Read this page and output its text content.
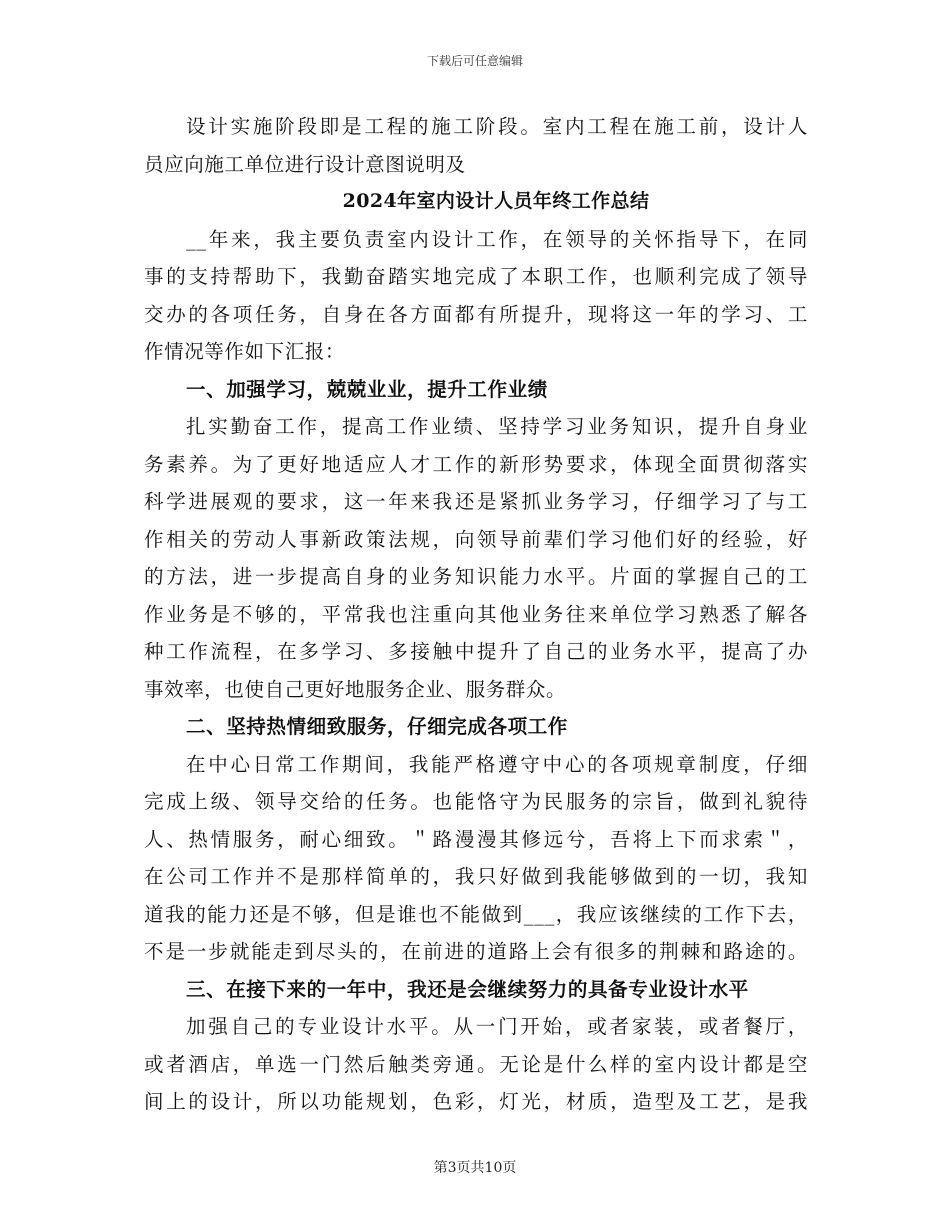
下载后可任意编辑
设计实施阶段即是工程的施工阶段。室内工程在施工前，设计人
员应向施工单位进行设计意图说明及
2024年室内设计人员年终工作总结
__年来，我主要负责室内设计工作，在领导的关怀指导下，在同
事的支持帮助下，我勤奋踏实地完成了本职工作，也顺利完成了领导
交办的各项任务，自身在各方面都有所提升，现将这一年的学习、工
作情况等作如下汇报：
一、加强学习，兢兢业业，提升工作业绩
扎实勤奋工作，提高工作业绩、坚持学习业务知识，提升自身业
务素养。为了更好地适应人才工作的新形势要求，体现全面贯彻落实
科学进展观的要求，这一年来我还是紧抓业务学习，仔细学习了与工
作相关的劳动人事新政策法规，向领导前辈们学习他们好的经验，好
的方法，进一步提高自身的业务知识能力水平。片面的掌握自己的工
作业务是不够的，平常我也注重向其他业务往来单位学习熟悉了解各
种工作流程，在多学习、多接触中提升了自己的业务水平，提高了办
事效率，也使自己更好地服务企业、服务群众。
二、坚持热情细致服务，仔细完成各项工作
在中心日常工作期间，我能严格遵守中心的各项规章制度，仔细
完成上级、领导交给的任务。也能恪守为民服务的宗旨，做到礼貌待
人、热情服务，耐心细致。＂路漫漫其修远兮，吾将上下而求索＂，
在公司工作并不是那样简单的，我只好做到我能够做到的一切，我知
道我的能力还是不够，但是谁也不能做到___，我应该继续的工作下去，
不是一步就能走到尽头的，在前进的道路上会有很多的荆棘和路途的。
三、在接下来的一年中，我还是会继续努力的具备专业设计水平
加强自己的专业设计水平。从一门开始，或者家装，或者餐厅，
或者酒店，单选一门然后触类旁通。无论是什么样的室内设计都是空
间上的设计，所以功能规划，色彩，灯光，材质，造型及工艺，是我
第3页共10页
